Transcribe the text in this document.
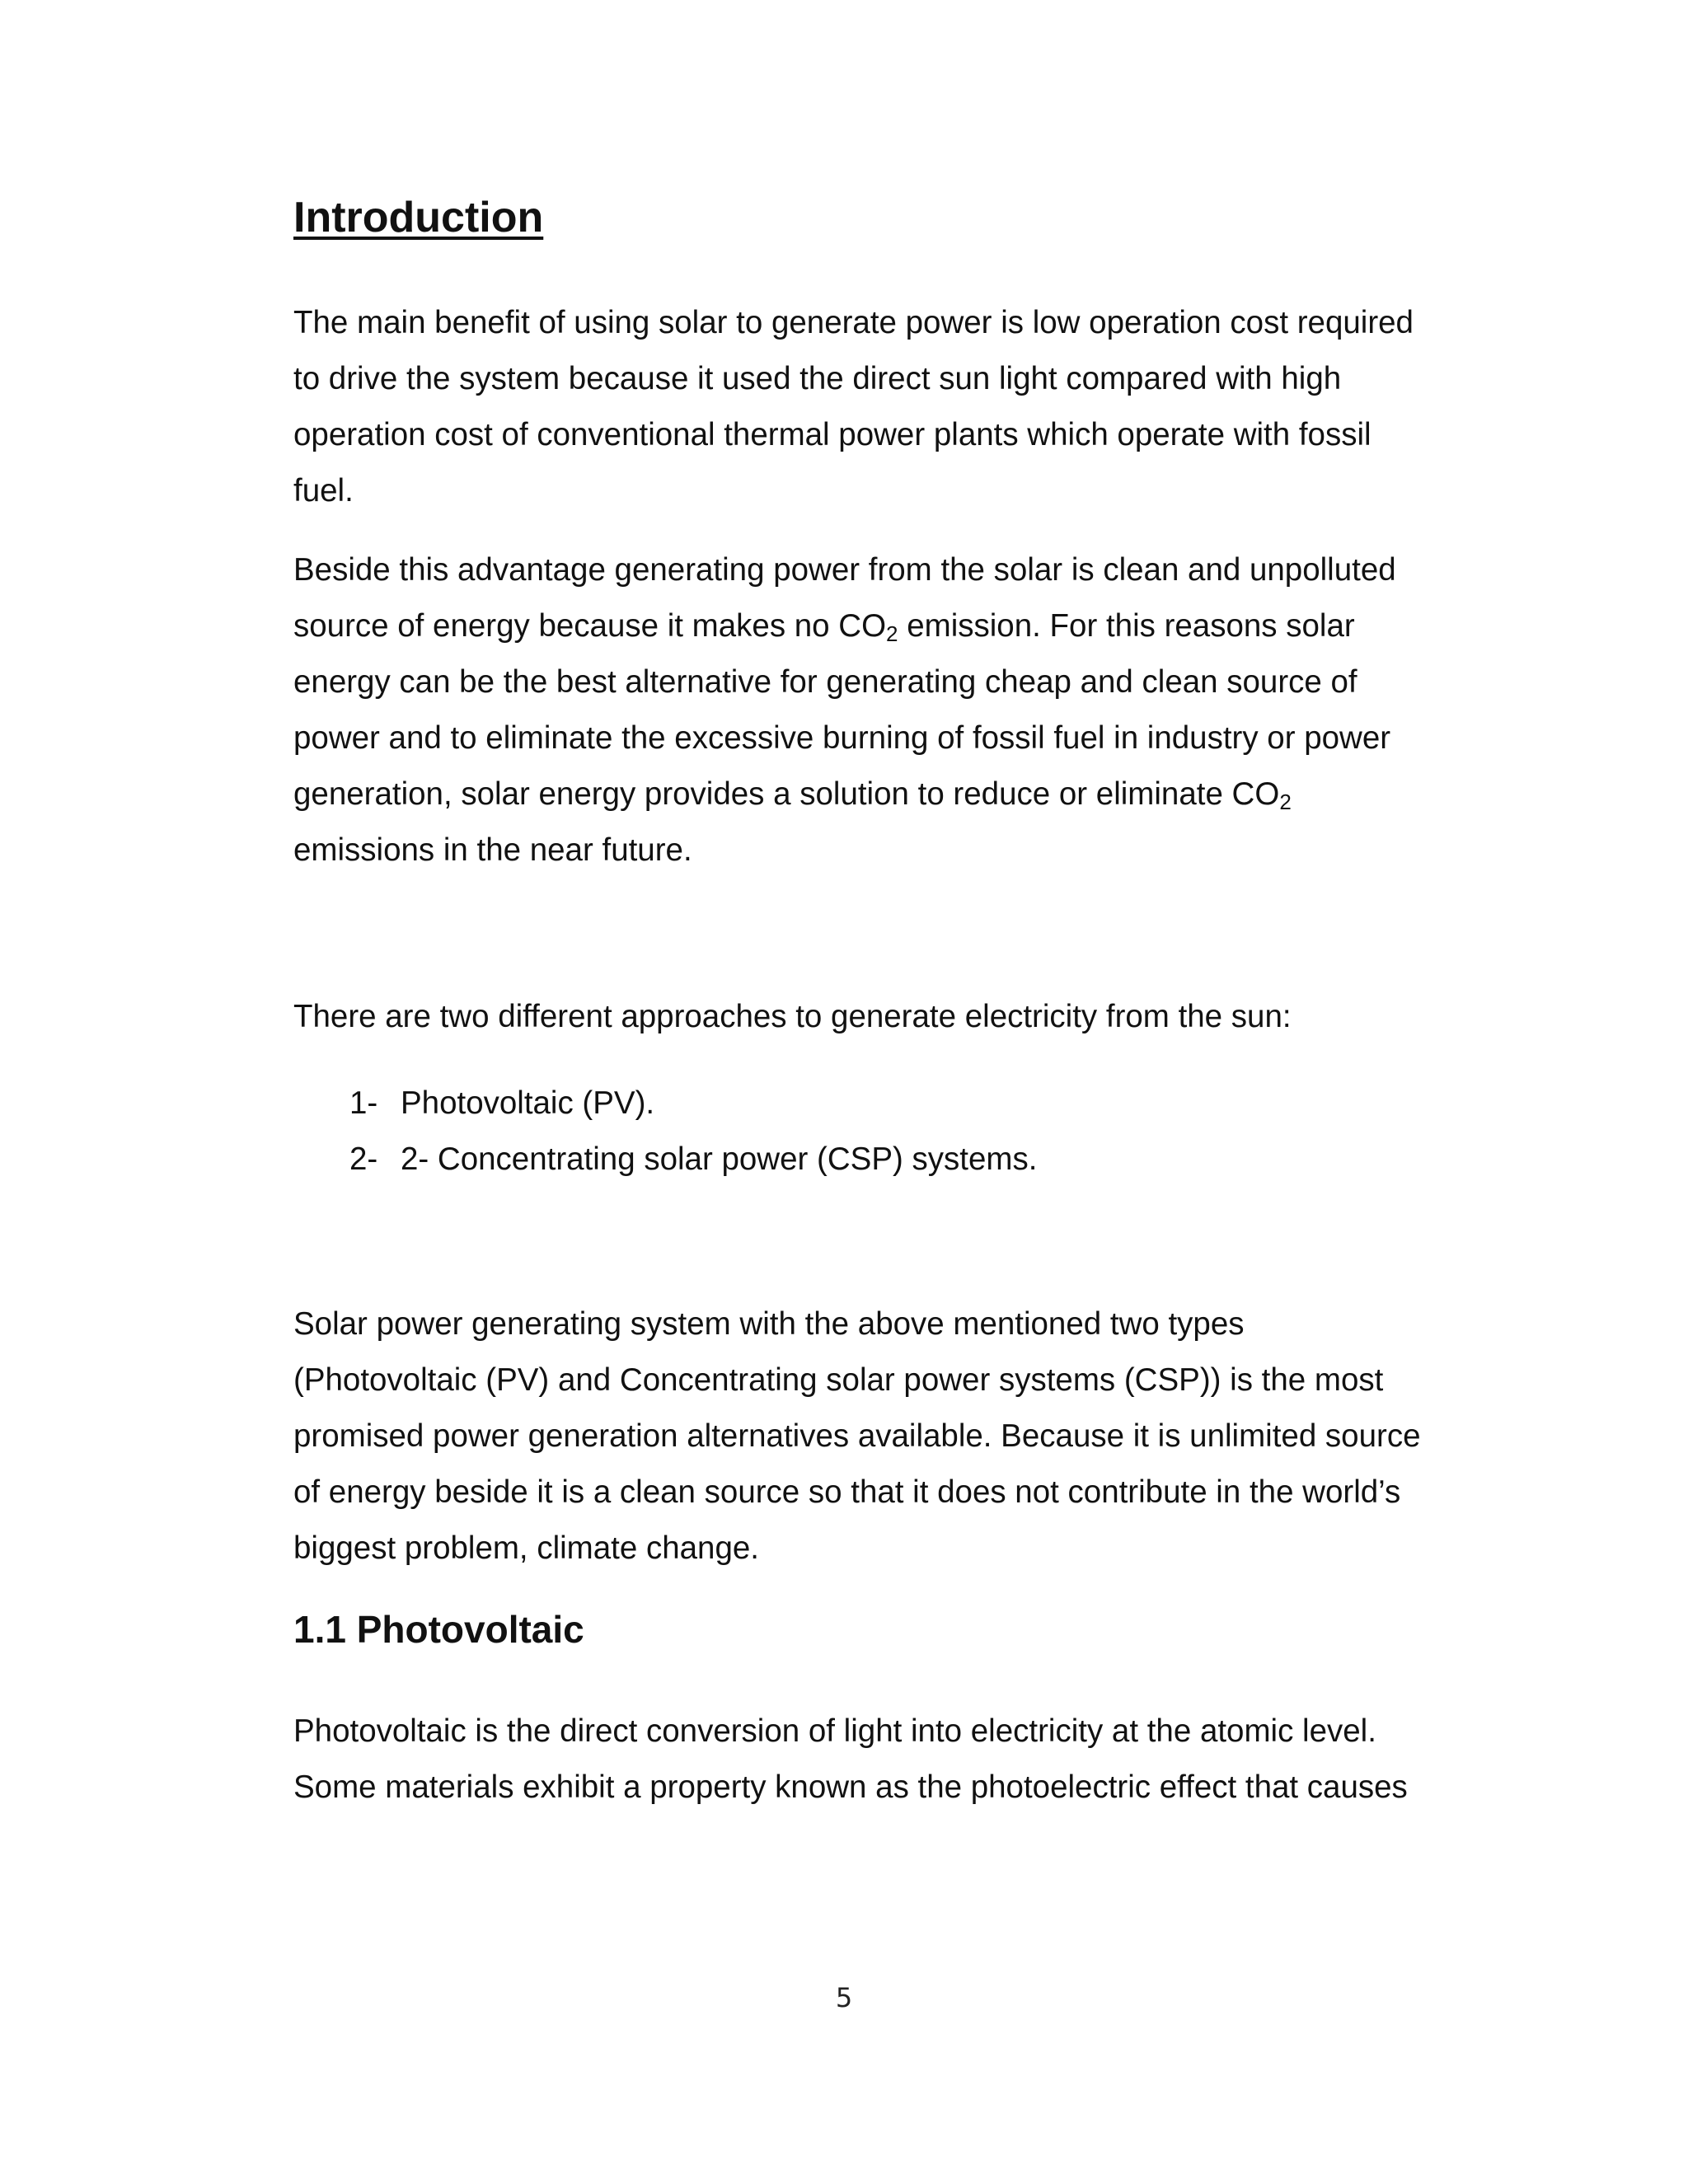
Introduction

The main benefit of using solar to generate power is low operation cost required
to drive the system because it used the direct sun light compared with high
operation cost of conventional thermal power plants which operate with fossil
fuel.

Beside this advantage generating power from the solar is clean and unpolluted
source of energy because it makes no $CO_2$ emission. For this reasons solar
energy can be the best alternative for generating cheap and clean source of
power and to eliminate the excessive burning of fossil fuel in industry or power
generation, solar energy provides a solution to reduce or eliminate $CO_2$
emissions in the near future.

There are two different approaches to generate electricity from the sun:

1- Photovoltaic (PV).
2- 2- Concentrating solar power (CSP) systems.

Solar power generating system with the above mentioned two types
(Photovoltaic (PV) and Concentrating solar power systems (CSP)) is the most
promised power generation alternatives available. Because it is unlimited source
of energy beside it is a clean source so that it does not contribute in the world’s
biggest problem, climate change.

1.1 Photovoltaic

Photovoltaic is the direct conversion of light into electricity at the atomic level.
Some materials exhibit a property known as the photoelectric effect that causes

5
